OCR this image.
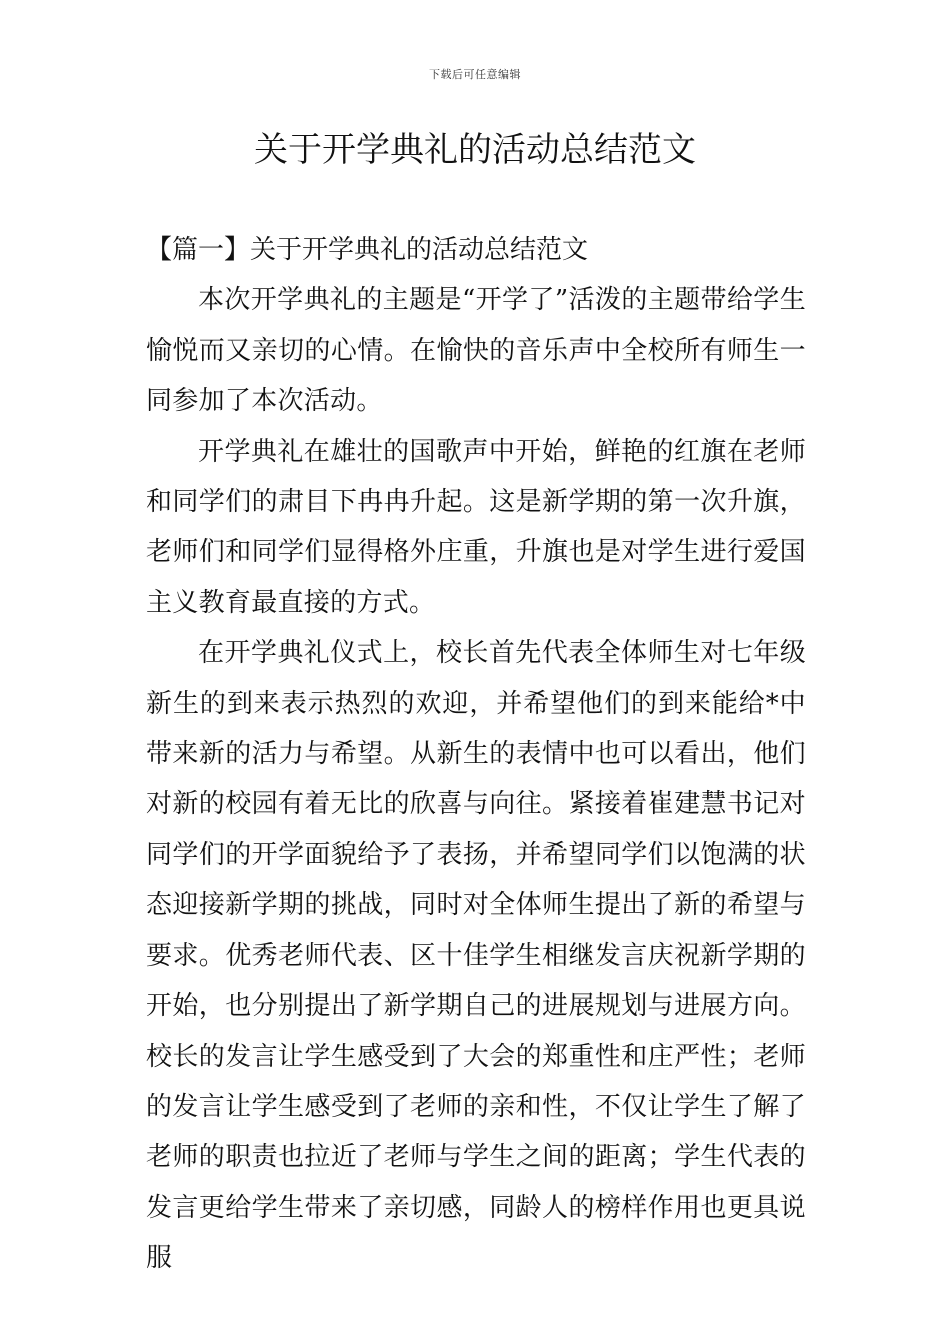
下载后可任意编辑
关于开学典礼的活动总结范文
【篇一】关于开学典礼的活动总结范文

本次开学典礼的主题是“开学了”活泼的主题带给学生愉悦而又亲切的心情。在愉快的音乐声中全校所有师生一同参加了本次活动。

开学典礼在雄壮的国歌声中开始，鲜艳的红旗在老师和同学们的肃目下冉冉升起。这是新学期的第一次升旗，老师们和同学们显得格外庄重，升旗也是对学生进行爱国主义教育最直接的方式。

在开学典礼仪式上，校长首先代表全体师生对七年级新生的到来表示热烈的欢迎，并希望他们的到来能给*中带来新的活力与希望。从新生的表情中也可以看出，他们对新的校园有着无比的欣喜与向往。紧接着崔建慧书记对同学们的开学面貌给予了表扬，并希望同学们以饱满的状态迎接新学期的挑战，同时对全体师生提出了新的希望与要求。优秀老师代表、区十佳学生相继发言庆祝新学期的开始，也分别提出了新学期自己的进展规划与进展方向。校长的发言让学生感受到了大会的郑重性和庄严性；老师的发言让学生感受到了老师的亲和性，不仅让学生了解了老师的职责也拉近了老师与学生之间的距离；学生代表的发言更给学生带来了亲切感，同龄人的榜样作用也更具说服
